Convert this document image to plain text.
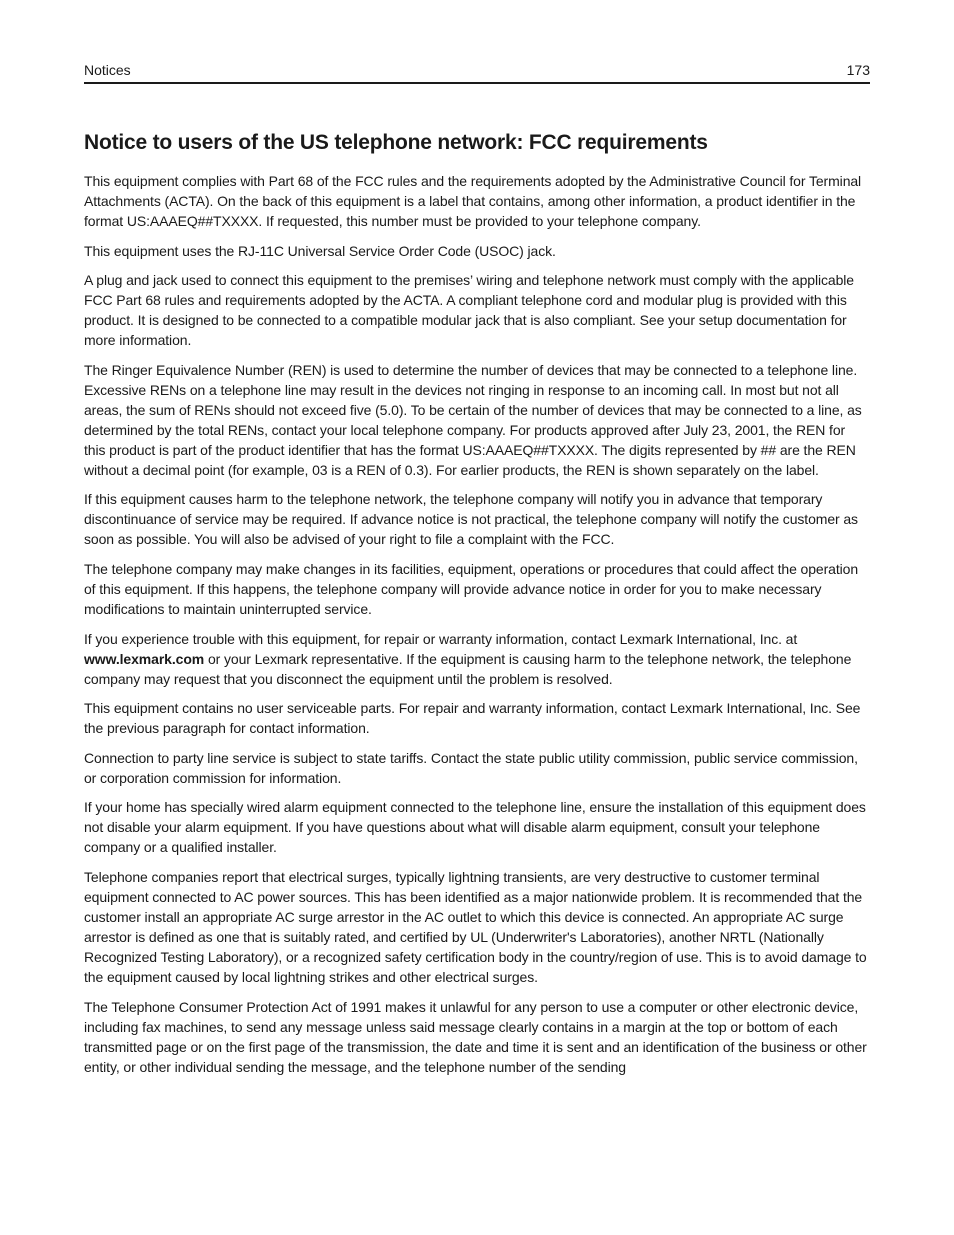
Notices	173
Notice to users of the US telephone network: FCC requirements

This equipment complies with Part 68 of the FCC rules and the requirements adopted by the Administrative Council for Terminal Attachments (ACTA). On the back of this equipment is a label that contains, among other information, a product identifier in the format US:AAAEQ##TXXXX. If requested, this number must be provided to your telephone company.

This equipment uses the RJ-11C Universal Service Order Code (USOC) jack.

A plug and jack used to connect this equipment to the premises’ wiring and telephone network must comply with the applicable FCC Part 68 rules and requirements adopted by the ACTA. A compliant telephone cord and modular plug is provided with this product. It is designed to be connected to a compatible modular jack that is also compliant. See your setup documentation for more information.

The Ringer Equivalence Number (REN) is used to determine the number of devices that may be connected to a telephone line. Excessive RENs on a telephone line may result in the devices not ringing in response to an incoming call. In most but not all areas, the sum of RENs should not exceed five (5.0). To be certain of the number of devices that may be connected to a line, as determined by the total RENs, contact your local telephone company. For products approved after July 23, 2001, the REN for this product is part of the product identifier that has the format US:AAAEQ##TXXXX. The digits represented by ## are the REN without a decimal point (for example, 03 is a REN of 0.3). For earlier products, the REN is shown separately on the label.

If this equipment causes harm to the telephone network, the telephone company will notify you in advance that temporary discontinuance of service may be required. If advance notice is not practical, the telephone company will notify the customer as soon as possible. You will also be advised of your right to file a complaint with the FCC.

The telephone company may make changes in its facilities, equipment, operations or procedures that could affect the operation of this equipment. If this happens, the telephone company will provide advance notice in order for you to make necessary modifications to maintain uninterrupted service.

If you experience trouble with this equipment, for repair or warranty information, contact Lexmark International, Inc. at www.lexmark.com or your Lexmark representative. If the equipment is causing harm to the telephone network, the telephone company may request that you disconnect the equipment until the problem is resolved.

This equipment contains no user serviceable parts. For repair and warranty information, contact Lexmark International, Inc. See the previous paragraph for contact information.

Connection to party line service is subject to state tariffs. Contact the state public utility commission, public service commission, or corporation commission for information.

If your home has specially wired alarm equipment connected to the telephone line, ensure the installation of this equipment does not disable your alarm equipment. If you have questions about what will disable alarm equipment, consult your telephone company or a qualified installer.

Telephone companies report that electrical surges, typically lightning transients, are very destructive to customer terminal equipment connected to AC power sources. This has been identified as a major nationwide problem. It is recommended that the customer install an appropriate AC surge arrestor in the AC outlet to which this device is connected. An appropriate AC surge arrestor is defined as one that is suitably rated, and certified by UL (Underwriter's Laboratories), another NRTL (Nationally Recognized Testing Laboratory), or a recognized safety certification body in the country/region of use. This is to avoid damage to the equipment caused by local lightning strikes and other electrical surges.

The Telephone Consumer Protection Act of 1991 makes it unlawful for any person to use a computer or other electronic device, including fax machines, to send any message unless said message clearly contains in a margin at the top or bottom of each transmitted page or on the first page of the transmission, the date and time it is sent and an identification of the business or other entity, or other individual sending the message, and the telephone number of the sending
